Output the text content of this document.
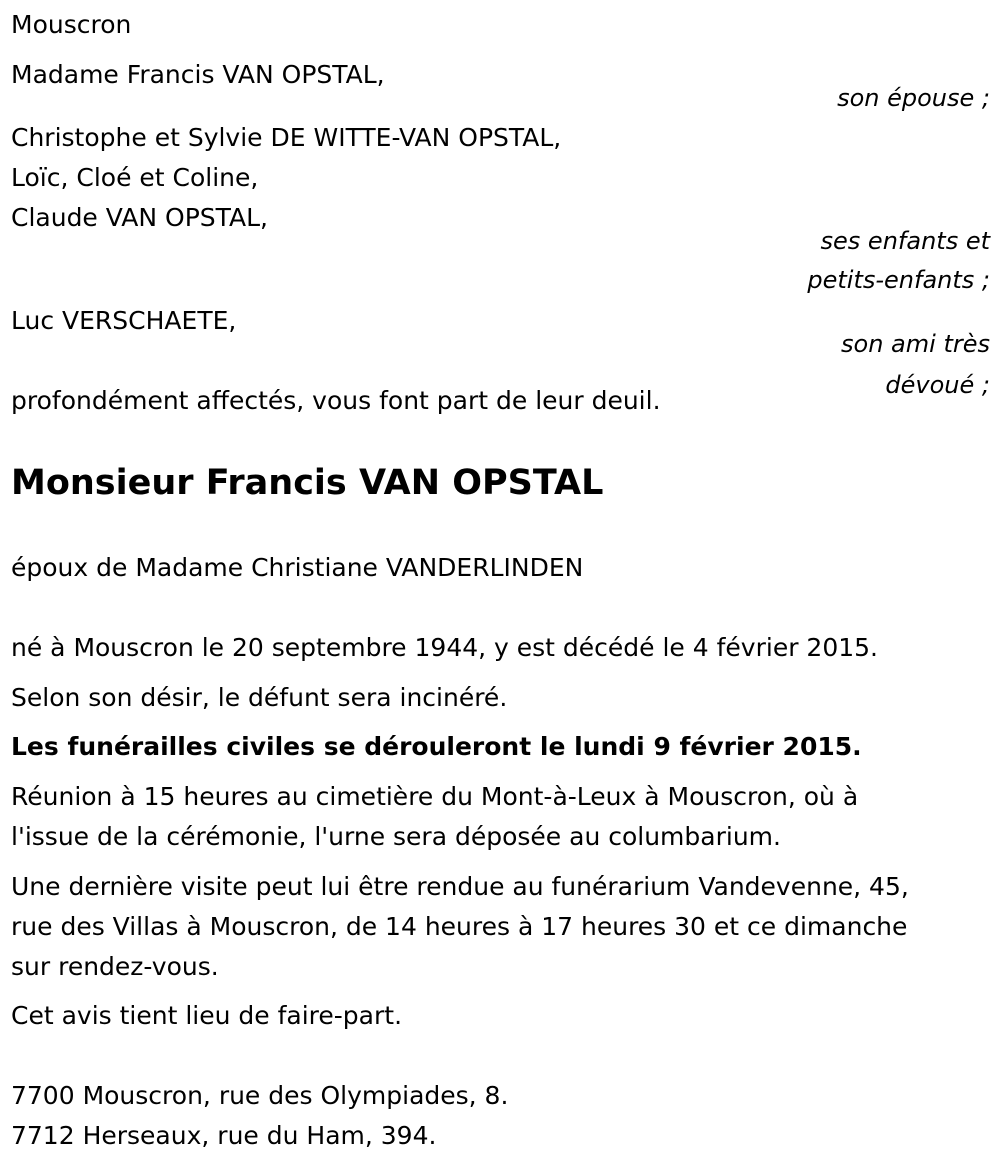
Mouscron
Madame Francis VAN OPSTAL,
son épouse ;
Christophe et Sylvie DE WITTE-VAN OPSTAL,
Loïc, Cloé et Coline,
Claude VAN OPSTAL,
ses enfants et
petits-enfants ;
Luc VERSCHAETE,
son ami très
dévoué ;
profondément affectés, vous font part de leur deuil.
Monsieur Francis VAN OPSTAL
époux de Madame Christiane VANDERLINDEN
né à Mouscron le 20 septembre 1944, y est décédé le 4 février 2015.
Selon son désir, le défunt sera incinéré.
Les funérailles civiles se dérouleront le lundi 9 février 2015.
Réunion à 15 heures au cimetière du Mont-à-Leux à Mouscron, où à
l'issue de la cérémonie, l'urne sera déposée au columbarium.
Une dernière visite peut lui être rendue au funérarium Vandevenne, 45,
rue des Villas à Mouscron, de 14 heures à 17 heures 30 et ce dimanche
sur rendez-vous.
Cet avis tient lieu de faire-part.
7700 Mouscron, rue des Olympiades, 8.
7712 Herseaux, rue du Ham, 394.
